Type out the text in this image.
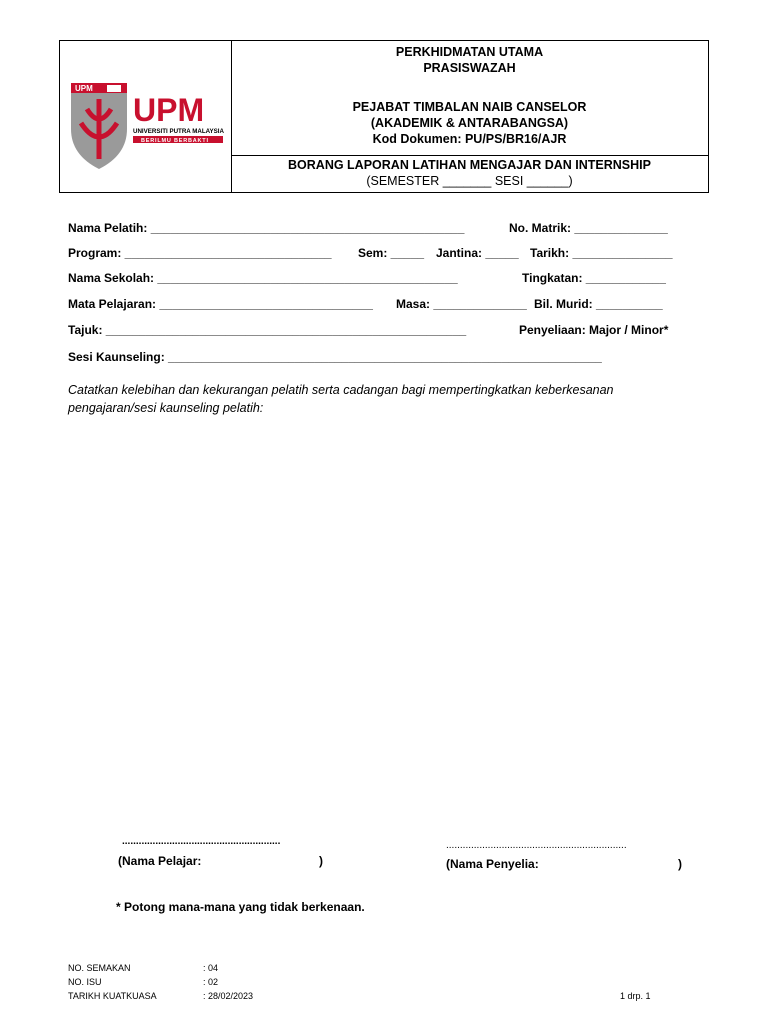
UPM
UPM
UNIVERSITI PUTRA MALAYSIA
BERILMU BERBAKTI
PERKHIDMATAN UTAMA
PRASISWAZAH
PEJABAT TIMBALAN NAIB CANSELOR
(AKADEMIK & ANTARABANGSA)
Kod Dokumen: PU/PS/BR16/AJR
BORANG LAPORAN LATIHAN MENGAJAR DAN INTERNSHIP
(SEMESTER _______ SESI ______)
Nama Pelatih: _______________________________________________	No. Matrik: ______________
Program: _______________________________ Sem: _____ Jantina: _____ Tarikh: _______________
Nama Sekolah: _____________________________________________	Tingkatan: ____________
Mata Pelajaran: ________________________________ Masa: ______________ Bil. Murid: __________
Tajuk: ______________________________________________________	Penyeliaan: Major / Minor*
Sesi Kaunseling: _________________________________________________________________
Catatkan kelebihan dan kekurangan pelatih serta cadangan bagi mempertingkatkan keberkesanan pengajaran/sesi kaunseling pelatih:
.........................................................
(Nama Pelajar:	)
.................................................................
(Nama Penyelia:	)
* Potong mana-mana yang tidak berkenaan.
NO. SEMAKAN	: 04
NO. ISU	: 02
TARIKH KUATKUASA	: 28/02/2023	1 drp. 1
